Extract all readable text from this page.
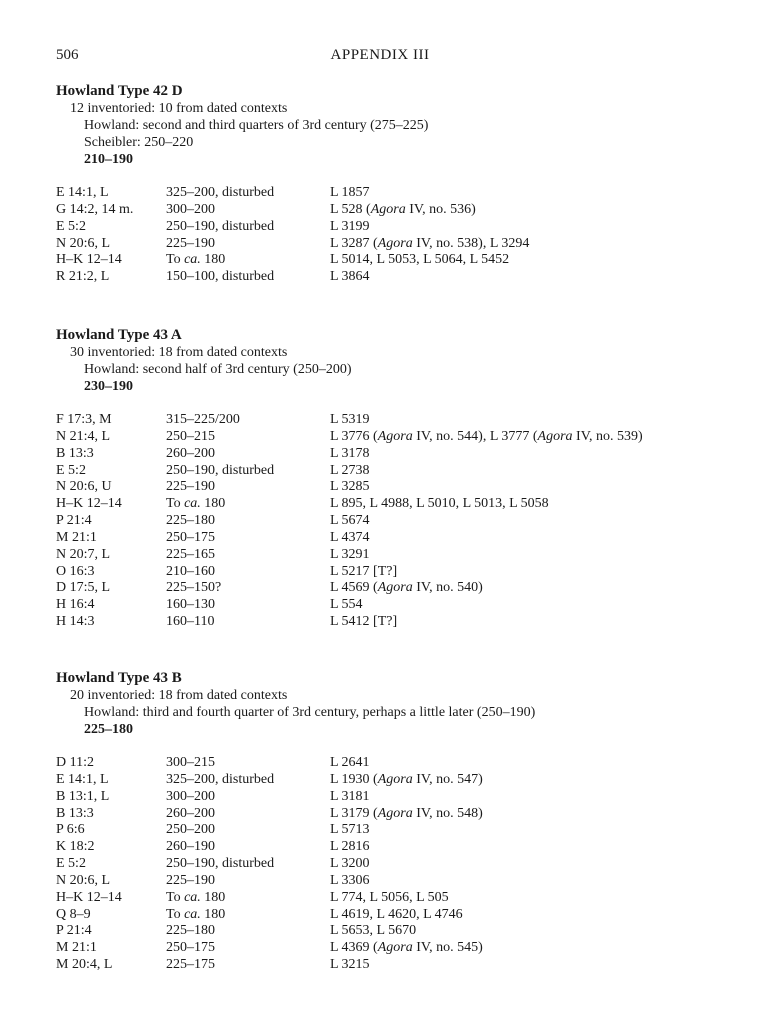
506	APPENDIX III
Howland Type 42 D
12 inventoried: 10 from dated contexts
Howland: second and third quarters of 3rd century (275–225)
Scheibler: 250–220
210–190
E 14:1, L	325–200, disturbed	L 1857
G 14:2, 14 m.	300–200	L 528 (Agora IV, no. 536)
E 5:2	250–190, disturbed	L 3199
N 20:6, L	225–190	L 3287 (Agora IV, no. 538), L 3294
H–K 12–14	To ca. 180	L 5014, L 5053, L 5064, L 5452
R 21:2, L	150–100, disturbed	L 3864
Howland Type 43 A
30 inventoried: 18 from dated contexts
Howland: second half of 3rd century (250–200)
230–190
F 17:3, M	315–225/200	L 5319
N 21:4, L	250–215	L 3776 (Agora IV, no. 544), L 3777 (Agora IV, no. 539)
B 13:3	260–200	L 3178
E 5:2	250–190, disturbed	L 2738
N 20:6, U	225–190	L 3285
H–K 12–14	To ca. 180	L 895, L 4988, L 5010, L 5013, L 5058
P 21:4	225–180	L 5674
M 21:1	250–175	L 4374
N 20:7, L	225–165	L 3291
O 16:3	210–160	L 5217 [T?]
D 17:5, L	225–150?	L 4569 (Agora IV, no. 540)
H 16:4	160–130	L 554
H 14:3	160–110	L 5412 [T?]
Howland Type 43 B
20 inventoried: 18 from dated contexts
Howland: third and fourth quarter of 3rd century, perhaps a little later (250–190)
225–180
D 11:2	300–215	L 2641
E 14:1, L	325–200, disturbed	L 1930 (Agora IV, no. 547)
B 13:1, L	300–200	L 3181
B 13:3	260–200	L 3179 (Agora IV, no. 548)
P 6:6	250–200	L 5713
K 18:2	260–190	L 2816
E 5:2	250–190, disturbed	L 3200
N 20:6, L	225–190	L 3306
H–K 12–14	To ca. 180	L 774, L 5056, L 505
Q 8–9	To ca. 180	L 4619, L 4620, L 4746
P 21:4	225–180	L 5653, L 5670
M 21:1	250–175	L 4369 (Agora IV, no. 545)
M 20:4, L	225–175	L 3215
